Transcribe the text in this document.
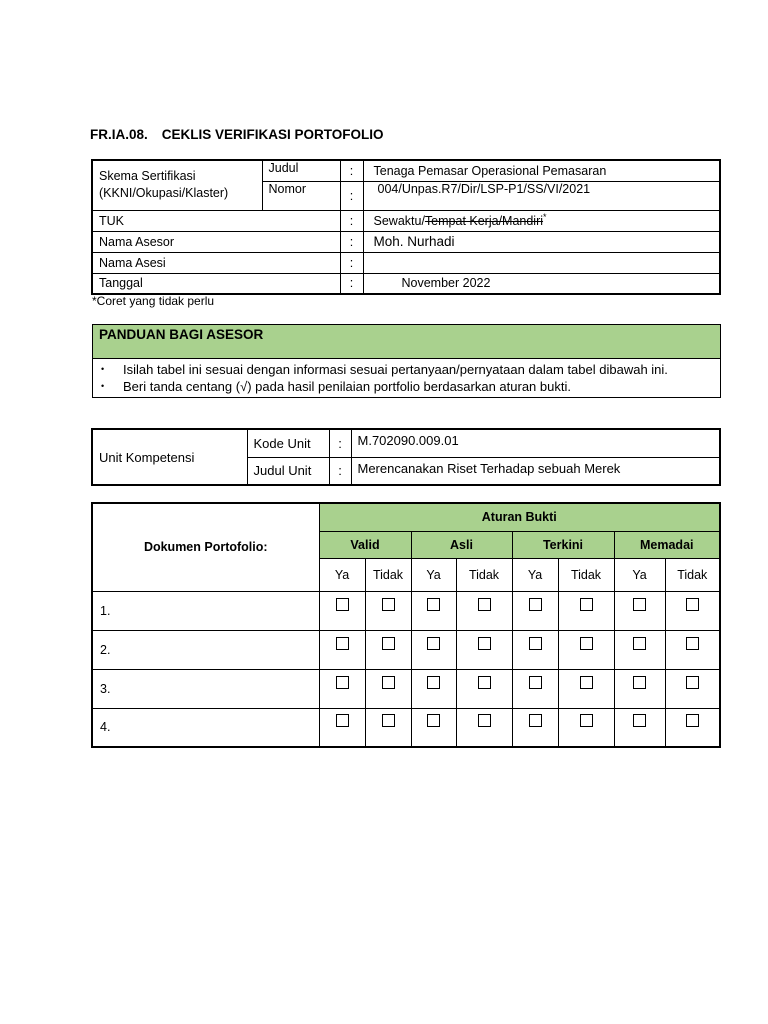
FR.IA.08. CEKLIS VERIFIKASI PORTOFOLIO
Skema Sertifikasi
(KKNI/Okupasi/Klaster)	Judul	:	Tenaga Pemasar Operasional Pemasaran
	Nomor	:	004/Unpas.R7/Dir/LSP-P1/SS/VI/2021
TUK		:	Sewaktu/Tempat Kerja/Mandiri*
Nama Asesor		:	Moh. Nurhadi
Nama Asesi		:	
Tanggal		:	November 2022
*Coret yang tidak perlu
PANDUAN BAGI ASESOR
• Isilah tabel ini sesuai dengan informasi sesuai pertanyaan/pernyataan dalam tabel dibawah ini.
• Beri tanda centang (√) pada hasil penilaian portfolio berdasarkan aturan bukti.
Unit Kompetensi	Kode Unit	:	M.702090.009.01
	Judul Unit	:	Merencanakan Riset Terhadap sebuah Merek
Dokumen Portofolio:	Aturan Bukti							
	Valid		Asli		Terkini		Memadai	
	Ya	Tidak	Ya	Tidak	Ya	Tidak	Ya	Tidak
1.								
2.								
3.								
4.								
